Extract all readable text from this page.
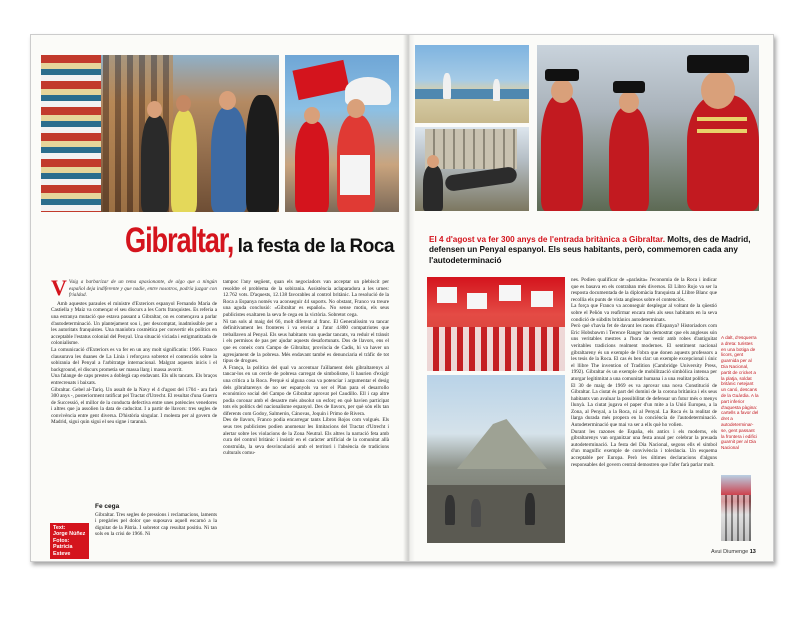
Gibraltar, la festa de la Roca
V Vaig a barbarizar de un tema apasionante, de algo que a ningún español deja indiferente y que nadie, entre nosotros, podría juzgar con frialdad.

Amb aquestes paraules el ministre d'Exteriors espanyol Fernando María de Castiella y Maíz va començar el seu discurs a les Corts franquistes. Es referia a una estranya mutació que estava passant a Gibraltar, on es començava a parlar d'autodeterminació. Un plantejament sou i, per descomptat, inadmissible per a les autoritats franquistes. Una maniobra cosmètica per convertir els polítics en acceptable l'estatus colonial del Penyal. Una situació viciada i estigmatitzada de colonialisme.
La comunicació d'Exteriors es va fer en un any molt significatiu: 1966. Franco clausurava les duanes de La Línia i reforçava sobretot el contenciós sobre la sobirania del Penyal a l'arbitratge internacional. Malgrat aquests inicis i el background, el discurs prometia ser massa llarg i massa avorrit.
Una falange de caps prestes a doblegà cap endavant. Els ulls tancats. Els braços entrecreuats i baixats.
Gibraltar. Gebel al-Tariq. Un assalt de la Navy el 4 d'agost del 1704 - ara farà 300 anys -, posteriorment ratificat pel Tractat d'Utrecht. El resultat d'una Guerra de Successió, el millor de la conducta defectiva entre unes potències venedores i altres que ja assolien la data de caducitat. I a partir de llavors: tres segles de convivència entre gent diversa. D'història singular. I molesta per al govern de Madrid, sigui quin sigui el seu signe i tarannà.

Fe cega

Gibraltar. Tres segles de pressions i reclamacions, laments i pregàries pel dolor que suposava aquell escarnó a la dignitat de la Pàtria. I sobretot cap resultat positiu. Ni tan sols en la crisi de 1966. Ni

Text:
Jorge Núñez
Fotos:
Patricia Esteve

tampoc l'any següent, quan els negociadors van acceptar un plebiscit per resoldre el problema de la sobirania. Assistència aclaparadora a les urnes: 12.762 vots. D'aquests, 12.138 favorables al control britànic. La resolució de la Roca a Espanya només va aconseguir 44 suports. No obstant, Franco va treure una aguda conclusió: «Gibraltar es español». No sense motiu, els seus publicistes exaltaren la seva fe cega en la victòria. Sobretot cega.
Ni tan sols al maig del 66, molt diferent al franc. El Generalíssim va tancar definitivament les fronteres i va enviar a l'atur 4.800 compatriotes que treballaven al Penyal. Els seus habitants van quedar tancats, va reduir el trànsit i els permisos de pas per ajudar aquests desafortunats. Dos de llavors, ens el que es coneix com Campo de Gibraltar, província de Cadis, hi va haver un agreujament de la pobresa. Més endavant també es denunciaria el tràfic de tot tipus de drogues.
A França, la política del qual va accentuar l'aïllament dels gibraltarenys al tancar-los en un cercle de pobresa carregat de simbolisme, li haurien d'exigir una crítica a la Roca. Perquè si alguna cosa va potenciar i argumentar el desig dels gibraltarenys de no ser espanyols va ser el Plan para el desarrollo económico social del Campo de Gibraltar aprovat pel Caudillo. Ell i cap altre podia coronar amb el desastre més absolut un esforç en què havien participat tots els polítics del nacionalisme espanyol. Des de llavors, per què són ells tan diferents com Godoy, Salmerón, Cánovas, Joquín i Primo de Rivera.
Des de llavors, Franco podia encarregar tants Libros Rojos com volgués. Els seus tres publicistes podien anomenar les limitacions del Tractat d'Utrecht i alertar sobre les violacions de la Zona Neutral. Els altres la narració feta amb cura del control britànic i insistir en el caràcter artificial de la comunitat allà construïda, la seva desvinculació amb el territori i l'absència de tradicions culturals comu-

El 4 d'agost va fer 300 anys de l'entrada britànica a Gibraltar. Molts, des de Madrid, defensen un Penyal espanyol. Els seus habitants, però, commemoren cada any l'autodeterminació

nes. Podien qualificar de «paràsita» l'economia de la Roca i indicar que es basava en els contraban més diversos. El Libro Rojo va ser la resposta documentada de la diplomàcia franquista al Llibre Blanc que recollia els punts de vista anglesos sobre el contenciós.
La força que Franco va aconseguir desplegar al voltant de la qüestió sobre el Peñón va reafirmar encara més als seus habitants en la seva condició de súbdits britànics autodeterminats.
Però què s'havia fet de davant les raons d'Espanya? Historiadors com Eric Hobsbawm i Terence Ranger han demostrat que els anglesos són uns veritables mestres a l'hora de vestir amb robes d'antiguitat veritables tradicions realment modernes. El sentiment nacional gibraltareny és un exemple de l'obra que donen aquests professors a les tesis de la Roca. El cas és ben clar: un exemple excepcional i únic el llibre The invention of Tradition (Cambridge University Press, 1992). Gibraltar és un exemple de mobilització simbòlica intensa per atorgar legitimitat a una comunitat humana i a una realitat política.
El 30 de maig de 1969 es va aprovar una nova Constitució de Gibraltar. La ciutat és part del domini de la corona britànica i els seus habitants van avaluar la possibilitat de defensar un futur més o menys llunyà. La ciutat jugava el paper d'un mite a la Unió Europea, a la Zona, al Penyal, a la Roca, ni al Penyal. La Roca és la realitat de llarga durada més propera en la conciència de l'autodeterminació. Autodeterminació que mai va ser a ells què ho volien.
Durant les razones de España, els antics i els moderns, els gibraltarenys van organitzar una festa anual per celebrar la preuada autodeterminació. La festa del Dia Nacional, segons ells el símbol d'un magnífic exemple de convivència i tolerància. Un esquema acceptable per Europa. Però les últimes declaracions d'alguns responsables del govern central demostren que l'afer farà parlar molt.

A dalt, d'esquerra a dreta: turistes en una botiga de licors, gent guarnida per al Dia Nacional, partit de cricket a la platja, soldat britànic netejant un canó, descans de la Guàrdia. A la part inferior d'aquesta pàgina: cartells a favor del dret a autodeterminar-se, gent passant la frontera i edifici guarnit per al Dia Nacional
Avui Diumenge 13
